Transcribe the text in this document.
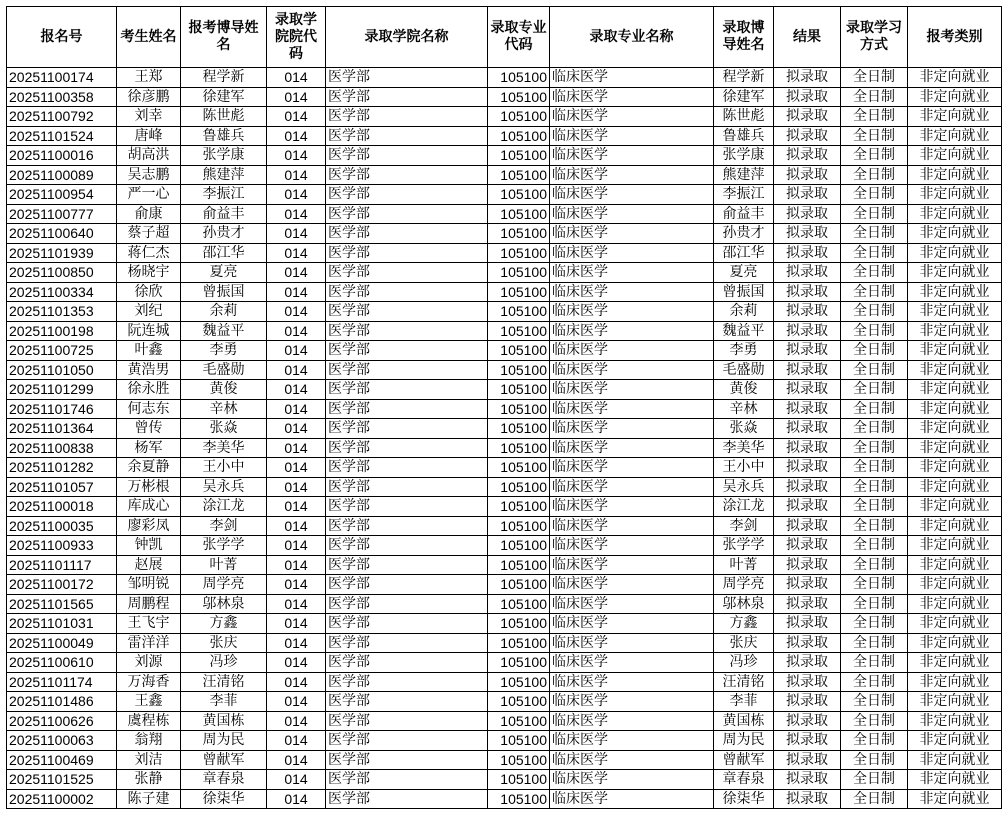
报名号	考生姓名	报考博导姓名	录取学院院代码	录取学院名称	录取专业代码	录取专业名称	录取博导姓名	结果	录取学习方式	报考类别
20251100174	王郑	程学新	014	医学部	105100	临床医学	程学新	拟录取	全日制	非定向就业
20251100358	徐彦鹏	徐建军	014	医学部	105100	临床医学	徐建军	拟录取	全日制	非定向就业
20251100792	刘幸	陈世彪	014	医学部	105100	临床医学	陈世彪	拟录取	全日制	非定向就业
20251101524	唐峰	鲁雄兵	014	医学部	105100	临床医学	鲁雄兵	拟录取	全日制	非定向就业
20251100016	胡高洪	张学康	014	医学部	105100	临床医学	张学康	拟录取	全日制	非定向就业
20251100089	吴志鹏	熊建萍	014	医学部	105100	临床医学	熊建萍	拟录取	全日制	非定向就业
20251100954	严一心	李振江	014	医学部	105100	临床医学	李振江	拟录取	全日制	非定向就业
20251100777	俞康	俞益丰	014	医学部	105100	临床医学	俞益丰	拟录取	全日制	非定向就业
20251100640	蔡子超	孙贵才	014	医学部	105100	临床医学	孙贵才	拟录取	全日制	非定向就业
20251101939	蒋仁杰	邵江华	014	医学部	105100	临床医学	邵江华	拟录取	全日制	非定向就业
20251100850	杨晓宇	夏亮	014	医学部	105100	临床医学	夏亮	拟录取	全日制	非定向就业
20251100334	徐欣	曾振国	014	医学部	105100	临床医学	曾振国	拟录取	全日制	非定向就业
20251101353	刘纪	余莉	014	医学部	105100	临床医学	余莉	拟录取	全日制	非定向就业
20251100198	阮连城	魏益平	014	医学部	105100	临床医学	魏益平	拟录取	全日制	非定向就业
20251100725	叶鑫	李勇	014	医学部	105100	临床医学	李勇	拟录取	全日制	非定向就业
20251101050	黄浩男	毛盛勋	014	医学部	105100	临床医学	毛盛勋	拟录取	全日制	非定向就业
20251101299	徐永胜	黄俊	014	医学部	105100	临床医学	黄俊	拟录取	全日制	非定向就业
20251101746	何志东	辛林	014	医学部	105100	临床医学	辛林	拟录取	全日制	非定向就业
20251101364	曾传	张焱	014	医学部	105100	临床医学	张焱	拟录取	全日制	非定向就业
20251100838	杨军	李美华	014	医学部	105100	临床医学	李美华	拟录取	全日制	非定向就业
20251101282	余夏静	王小中	014	医学部	105100	临床医学	王小中	拟录取	全日制	非定向就业
20251101057	万彬根	吴永兵	014	医学部	105100	临床医学	吴永兵	拟录取	全日制	非定向就业
20251100018	库成心	涂江龙	014	医学部	105100	临床医学	涂江龙	拟录取	全日制	非定向就业
20251100035	廖彩凤	李剑	014	医学部	105100	临床医学	李剑	拟录取	全日制	非定向就业
20251100933	钟凯	张学学	014	医学部	105100	临床医学	张学学	拟录取	全日制	非定向就业
20251101117	赵展	叶菁	014	医学部	105100	临床医学	叶菁	拟录取	全日制	非定向就业
20251100172	邹明锐	周学亮	014	医学部	105100	临床医学	周学亮	拟录取	全日制	非定向就业
20251101565	周鹏程	邬林泉	014	医学部	105100	临床医学	邬林泉	拟录取	全日制	非定向就业
20251101031	王飞宇	方鑫	014	医学部	105100	临床医学	方鑫	拟录取	全日制	非定向就业
20251100049	雷洋洋	张庆	014	医学部	105100	临床医学	张庆	拟录取	全日制	非定向就业
20251100610	刘源	冯珍	014	医学部	105100	临床医学	冯珍	拟录取	全日制	非定向就业
20251101174	万海香	汪清铭	014	医学部	105100	临床医学	汪清铭	拟录取	全日制	非定向就业
20251101486	王鑫	李菲	014	医学部	105100	临床医学	李菲	拟录取	全日制	非定向就业
20251100626	虞程栋	黄国栋	014	医学部	105100	临床医学	黄国栋	拟录取	全日制	非定向就业
20251100063	翁翔	周为民	014	医学部	105100	临床医学	周为民	拟录取	全日制	非定向就业
20251100469	刘洁	曾献军	014	医学部	105100	临床医学	曾献军	拟录取	全日制	非定向就业
20251101525	张静	章春泉	014	医学部	105100	临床医学	章春泉	拟录取	全日制	非定向就业
20251100002	陈子建	徐柒华	014	医学部	105100	临床医学	徐柒华	拟录取	全日制	非定向就业
